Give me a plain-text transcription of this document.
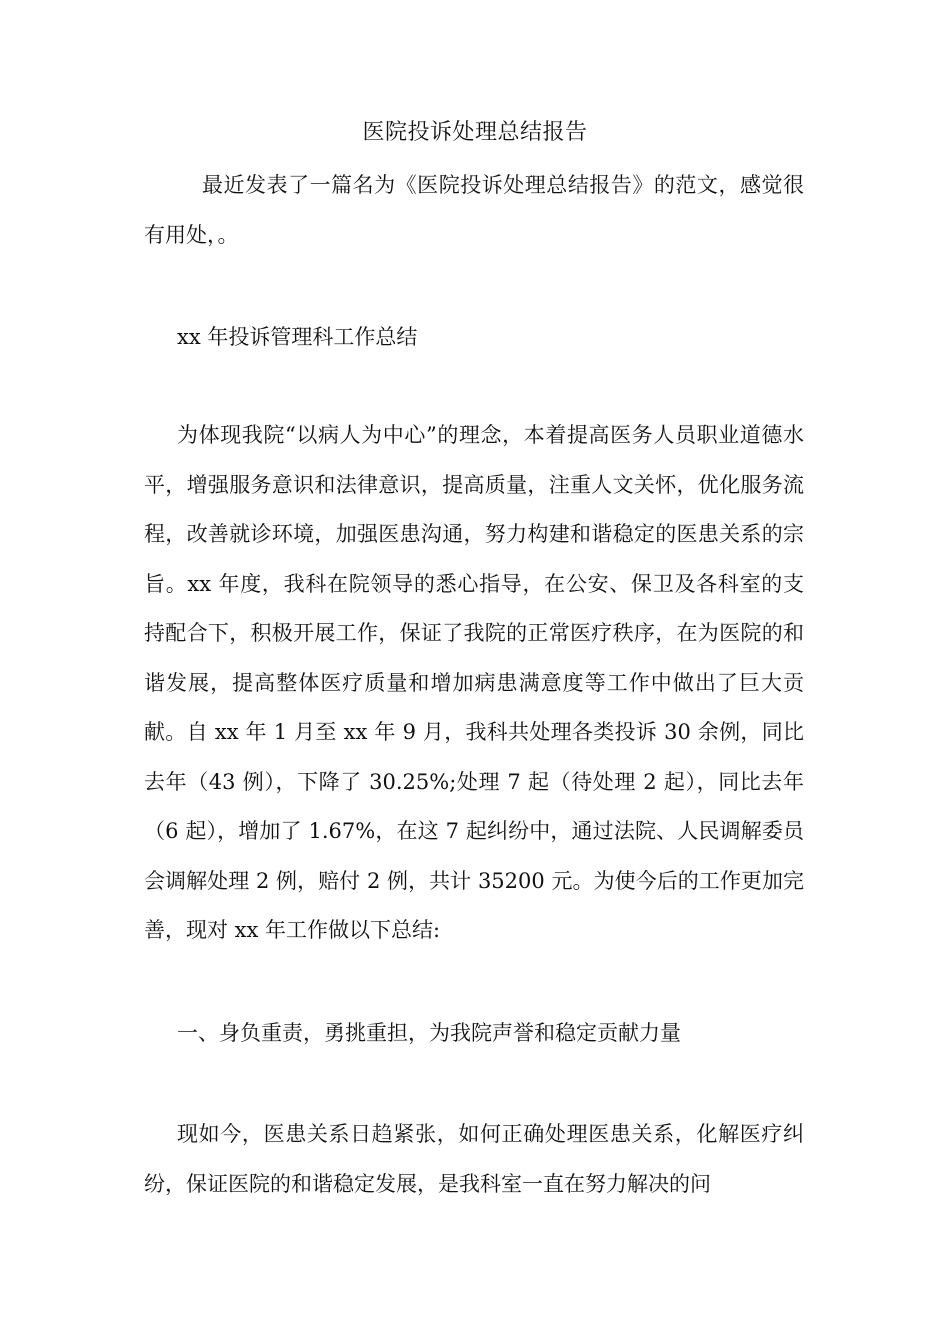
医院投诉处理总结报告
最近发表了一篇名为《医院投诉处理总结报告》的范文，感觉很有用处，。
xx 年投诉管理科工作总结
为体现我院“以病人为中心”的理念，本着提高医务人员职业道德水平，增强服务意识和法律意识，提高质量，注重人文关怀，优化服务流程，改善就诊环境，加强医患沟通，努力构建和谐稳定的医患关系的宗旨。xx 年度，我科在院领导的悉心指导，在公安、保卫及各科室的支持配合下，积极开展工作，保证了我院的正常医疗秩序，在为医院的和谐发展，提高整体医疗质量和增加病患满意度等工作中做出了巨大贡献。自 xx 年 1 月至 xx 年 9 月，我科共处理各类投诉 30 余例，同比去年（43 例），下降了 30.25%;处理 7 起（待处理 2 起），同比去年（6 起），增加了 1.67%，在这 7 起纠纷中，通过法院、人民调解委员会调解处理 2 例，赔付 2 例，共计 35200 元。为使今后的工作更加完善，现对 xx 年工作做以下总结:
一、身负重责，勇挑重担，为我院声誉和稳定贡献力量
现如今，医患关系日趋紧张，如何正确处理医患关系，化解医疗纠纷，保证医院的和谐稳定发展，是我科室一直在努力解决的问
